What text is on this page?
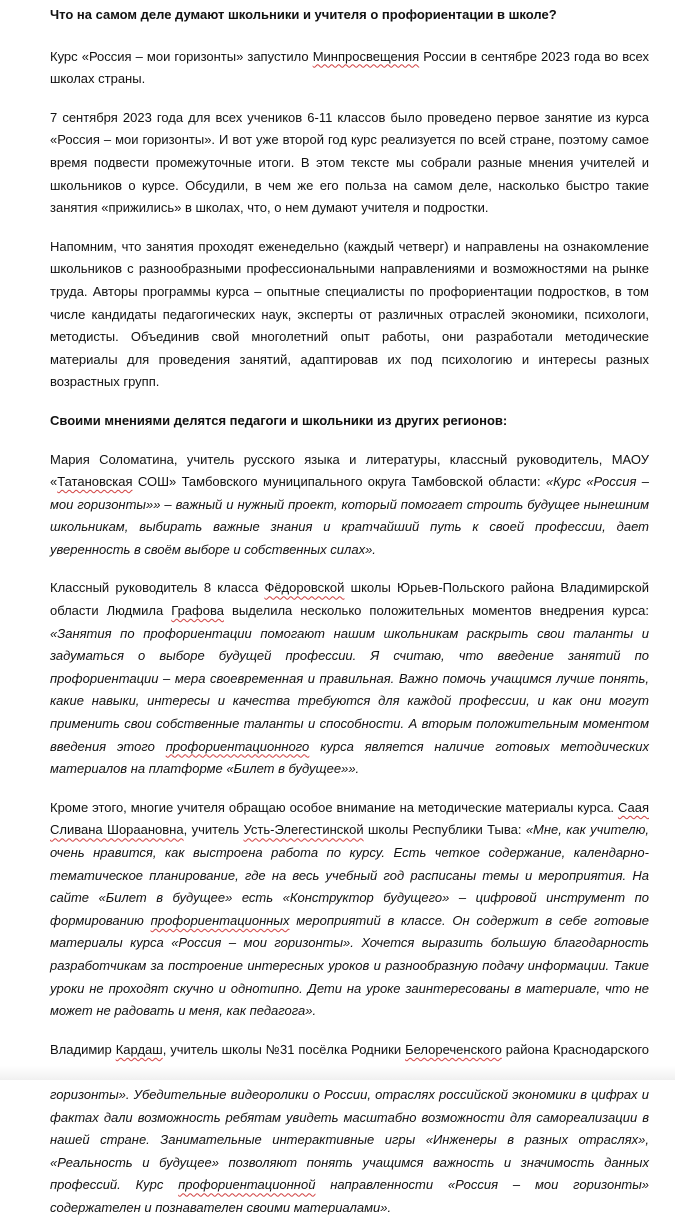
Что на самом деле думают школьники и учителя о профориентации в школе?

Курс «Россия – мои горизонты» запустило Минпросвещения России в сентябре 2023 года во всех школах страны.

7 сентября 2023 года для всех учеников 6-11 классов было проведено первое занятие из курса «Россия – мои горизонты». И вот уже второй год курс реализуется по всей стране, поэтому самое время подвести промежуточные итоги. В этом тексте мы собрали разные мнения учителей и школьников о курсе. Обсудили, в чем же его польза на самом деле, насколько быстро такие занятия «прижились» в школах, что, о нем думают учителя и подростки.

Напомним, что занятия проходят еженедельно (каждый четверг) и направлены на ознакомление школьников с разнообразными профессиональными направлениями и возможностями на рынке труда. Авторы программы курса – опытные специалисты по профориентации подростков, в том числе кандидаты педагогических наук, эксперты от различных отраслей экономики, психологи, методисты. Объединив свой многолетний опыт работы, они разработали методические материалы для проведения занятий, адаптировав их под психологию и интересы разных возрастных групп.

Своими мнениями делятся педагоги и школьники из других регионов:

Мария Соломатина, учитель русского языка и литературы, классный руководитель, МАОУ «Татановская СОШ» Тамбовского муниципального округа Тамбовской области: «Курс «Россия – мои горизонты»» – важный и нужный проект, который помогает строить будущее нынешним школьникам, выбирать важные знания и кратчайший путь к своей профессии, дает уверенность в своём выборе и собственных силах».

Классный руководитель 8 класса Фёдоровской школы Юрьев-Польского района Владимирской области Людмила Графова выделила несколько положительных моментов внедрения курса: «Занятия по профориентации помогают нашим школьникам раскрыть свои таланты и задуматься о выборе будущей профессии. Я считаю, что введение занятий по профориентации – мера своевременная и правильная. Важно помочь учащимся лучше понять, какие навыки, интересы и качества требуются для каждой профессии, и как они могут применить свои собственные таланты и способности. А вторым положительным моментом введения этого профориентационного курса является наличие готовых методических материалов на платформе «Билет в будущее»».

Кроме этого, многие учителя обращаю особое внимание на методические материалы курса. Саая Сливана Шораановна, учитель Усть-Элегестинской школы Республики Тыва: «Мне, как учителю, очень нравится, как выстроена работа по курсу. Есть четкое содержание, календарно-тематическое планирование, где на весь учебный год расписаны темы и мероприятия. На сайте «Билет в будущее» есть «Конструктор будущего» – цифровой инструмент по формированию профориентационных мероприятий в классе. Он содержит в себе готовые материалы курса «Россия – мои горизонты». Хочется выразить большую благодарность разработчикам за построение интересных уроков и разнообразную подачу информации. Такие уроки не проходят скучно и однотипно. Дети на уроке заинтересованы в материале, что не может не радовать и меня, как педагога».

Владимир Кардаш, учитель школы №31 посёлка Родники Белореченского района Краснодарского горизонты». Убедительные видеоролики о России, отраслях российской экономики в цифрах и фактах дали возможность ребятам увидеть масштабно возможности для самореализации в нашей стране. Занимательные интерактивные игры «Инженеры в разных отраслях», «Реальность и будущее» позволяют понять учащимся важность и значимость данных профессий. Курс профориентационной направленности «Россия – мои горизонты» содержателен и познавателен своими материалами».
